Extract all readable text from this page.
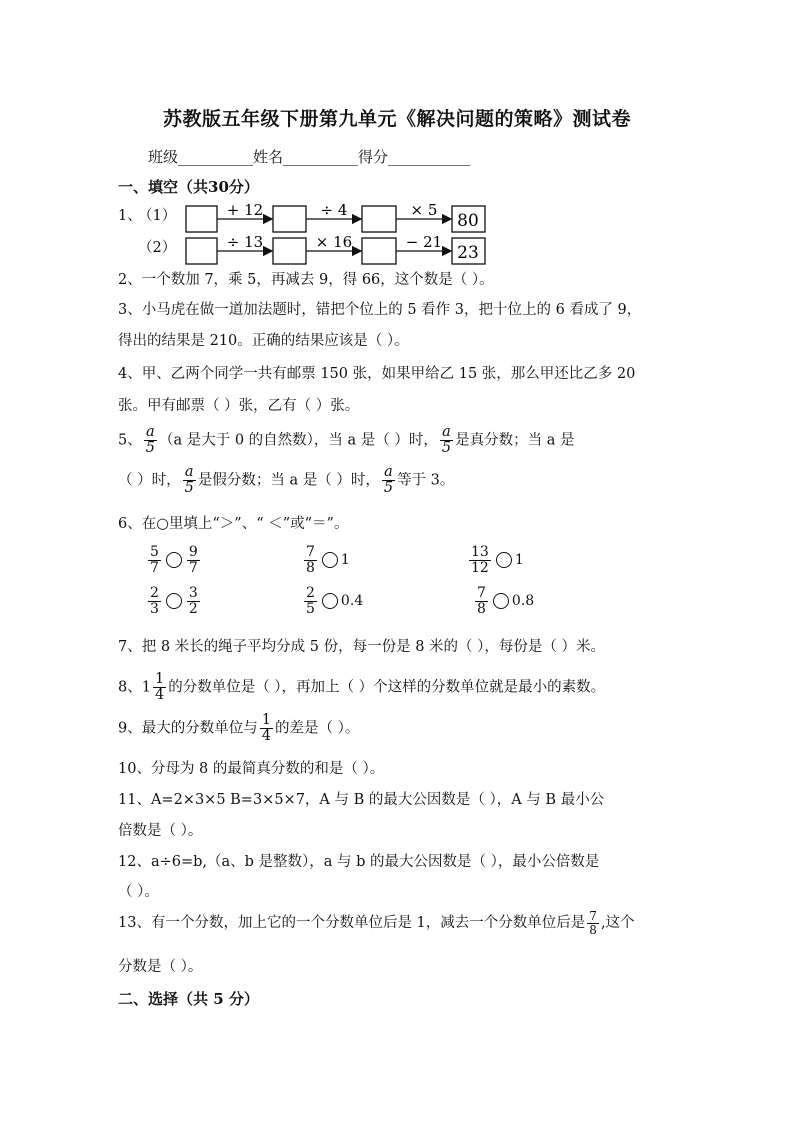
苏教版五年级下册第九单元《解决问题的策略》测试卷
班级__________姓名__________得分___________
一、填空（共30分）
1、
（1）
（2）
+ 12	÷ 4	× 5
80
÷ 13	× 16	− 21
23
2、一个数加 7，乘 5，再减去 9，得 66，这个数是（ ）。
3、小马虎在做一道加法题时，错把个位上的 5 看作 3，把十位上的 6 看成了 9，
得出的结果是 210。正确的结果应该是（ ）。
4、甲、乙两个同学一共有邮票 150 张，如果甲给乙 15 张，那么甲还比乙多 20
张。甲有邮票（ ）张，乙有（ ）张。
5、 $\frac{a}{5} (a$ 是大于 0 的自然数），当 a 是（ ）时， $\frac{a}{5}$ 是真分数；当 a 是
（ ）时， $\frac{a}{5}$ 是假分数；当 a 是（ ）时， $\frac{a}{5}$ 等于 3。
6、在○里填上“＞”、“ ＜”或“＝”。
$\frac{5}{7} \frac{9}{7}$	$\frac{7}{8} 1$	$\frac{13}{12} 1$
$\frac{2}{3} \frac{3}{2}$	$\frac{2}{5} 0.4$	$\frac{7}{8} 0.8$
7、把 8 米长的绳子平均分成 5 份，每一份是 8 米的（ ），每份是（ ）米。
8、$1 \frac{1}{4}$ 的分数单位是（ ），再加上（ ）个这样的分数单位就是最小的素数。
9、最大的分数单位与 $\frac{1}{4}$ 的差是（ ）。
10、分母为 8 的最简真分数的和是（ ）。
11、A=2×3×5 B=3×5×7，A 与 B 的最大公因数是（ ），A 与 B 最小公
倍数是（ ）。
12、a÷6=b,（a、b 是整数），a 与 b 的最大公因数是（ ），最小公倍数是
（ ）。
13、有一个分数，加上它的一个分数单位后是 1，减去一个分数单位后是 $\frac{7}{8}$ ,这个
分数是（ ）。
二、选择（共 5 分）
